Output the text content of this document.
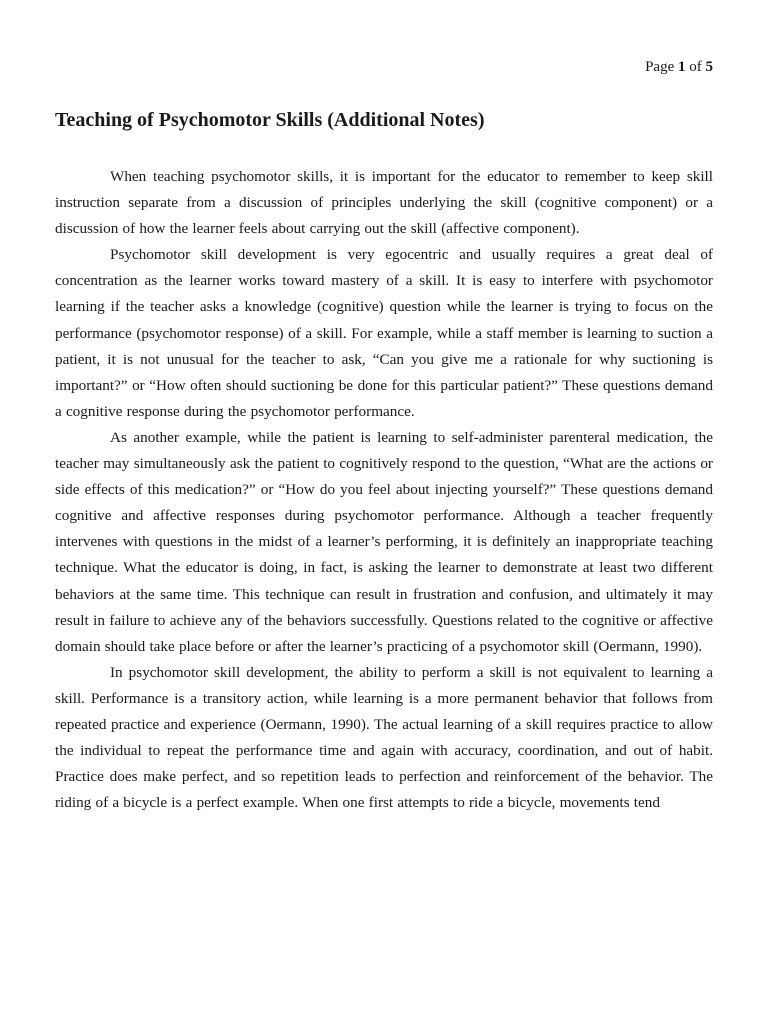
Page 1 of 5
Teaching of Psychomotor Skills (Additional Notes)

When teaching psychomotor skills, it is important for the educator to remember to keep skill instruction separate from a discussion of principles underlying the skill (cognitive component) or a discussion of how the learner feels about carrying out the skill (affective component).

Psychomotor skill development is very egocentric and usually requires a great deal of concentration as the learner works toward mastery of a skill. It is easy to interfere with psychomotor learning if the teacher asks a knowledge (cognitive) question while the learner is trying to focus on the performance (psychomotor response) of a skill. For example, while a staff member is learning to suction a patient, it is not unusual for the teacher to ask, “Can you give me a rationale for why suctioning is important?” or “How often should suctioning be done for this particular patient?” These questions demand a cognitive response during the psychomotor performance.

As another example, while the patient is learning to self-administer parenteral medication, the teacher may simultaneously ask the patient to cognitively respond to the question, “What are the actions or side effects of this medication?” or “How do you feel about injecting yourself?” These questions demand cognitive and affective responses during psychomotor performance. Although a teacher frequently intervenes with questions in the midst of a learner’s performing, it is definitely an inappropriate teaching technique. What the educator is doing, in fact, is asking the learner to demonstrate at least two different behaviors at the same time. This technique can result in frustration and confusion, and ultimately it may result in failure to achieve any of the behaviors successfully. Questions related to the cognitive or affective domain should take place before or after the learner’s practicing of a psychomotor skill (Oermann, 1990).

In psychomotor skill development, the ability to perform a skill is not equivalent to learning a skill. Performance is a transitory action, while learning is a more permanent behavior that follows from repeated practice and experience (Oermann, 1990). The actual learning of a skill requires practice to allow the individual to repeat the performance time and again with accuracy, coordination, and out of habit. Practice does make perfect, and so repetition leads to perfection and reinforcement of the behavior. The riding of a bicycle is a perfect example. When one first attempts to ride a bicycle, movements tend
